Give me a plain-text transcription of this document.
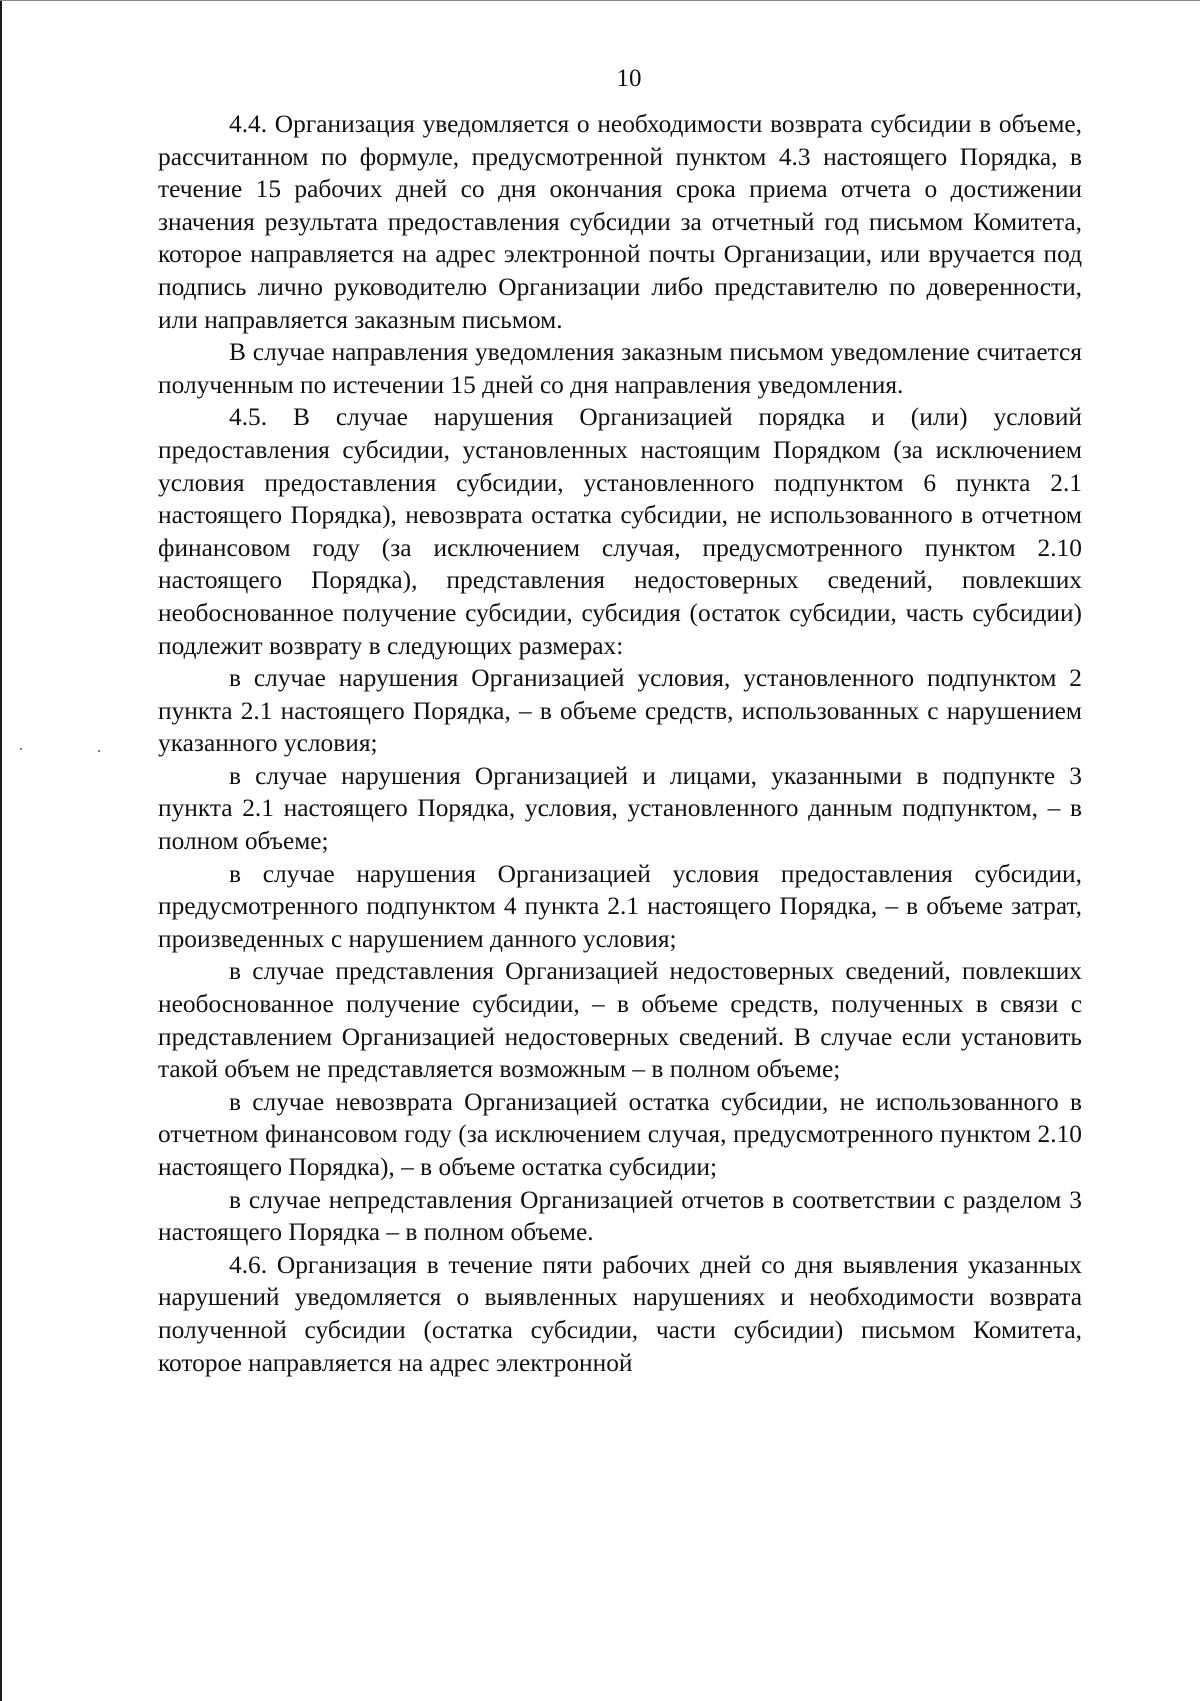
10

4.4. Организация уведомляется о необходимости возврата субсидии в объеме, рассчитанном по формуле, предусмотренной пунктом 4.3 настоящего Порядка, в течение 15 рабочих дней со дня окончания срока приема отчета о достижении значения результата предоставления субсидии за отчетный год письмом Комитета, которое направляется на адрес электронной почты Организации, или вручается под подпись лично руководителю Организации либо представителю по доверенности, или направляется заказным письмом.

В случае направления уведомления заказным письмом уведомление считается полученным по истечении 15 дней со дня направления уведомления.

4.5. В случае нарушения Организацией порядка и (или) условий предоставления субсидии, установленных настоящим Порядком (за исключением условия предоставления субсидии, установленного подпунктом 6 пункта 2.1 настоящего Порядка), невозврата остатка субсидии, не использованного в отчетном финансовом году (за исключением случая, предусмотренного пунктом 2.10 настоящего Порядка), представления недостоверных сведений, повлекших необоснованное получение субсидии, субсидия (остаток субсидии, часть субсидии) подлежит возврату в следующих размерах:

в случае нарушения Организацией условия, установленного подпунктом 2 пункта 2.1 настоящего Порядка, – в объеме средств, использованных с нарушением указанного условия;

в случае нарушения Организацией и лицами, указанными в подпункте 3 пункта 2.1 настоящего Порядка, условия, установленного данным подпунктом, – в полном объеме;

в случае нарушения Организацией условия предоставления субсидии, предусмотренного подпунктом 4 пункта 2.1 настоящего Порядка, – в объеме затрат, произведенных с нарушением данного условия;

в случае представления Организацией недостоверных сведений, повлекших необоснованное получение субсидии, – в объеме средств, полученных в связи с представлением Организацией недостоверных сведений. В случае если установить такой объем не представляется возможным – в полном объеме;

в случае невозврата Организацией остатка субсидии, не использованного в отчетном финансовом году (за исключением случая, предусмотренного пунктом 2.10 настоящего Порядка), – в объеме остатка субсидии;

в случае непредставления Организацией отчетов в соответствии с разделом 3 настоящего Порядка – в полном объеме.

4.6. Организация в течение пяти рабочих дней со дня выявления указанных нарушений уведомляется о выявленных нарушениях и необходимости возврата полученной субсидии (остатка субсидии, части субсидии) письмом Комитета, которое направляется на адрес электронной
